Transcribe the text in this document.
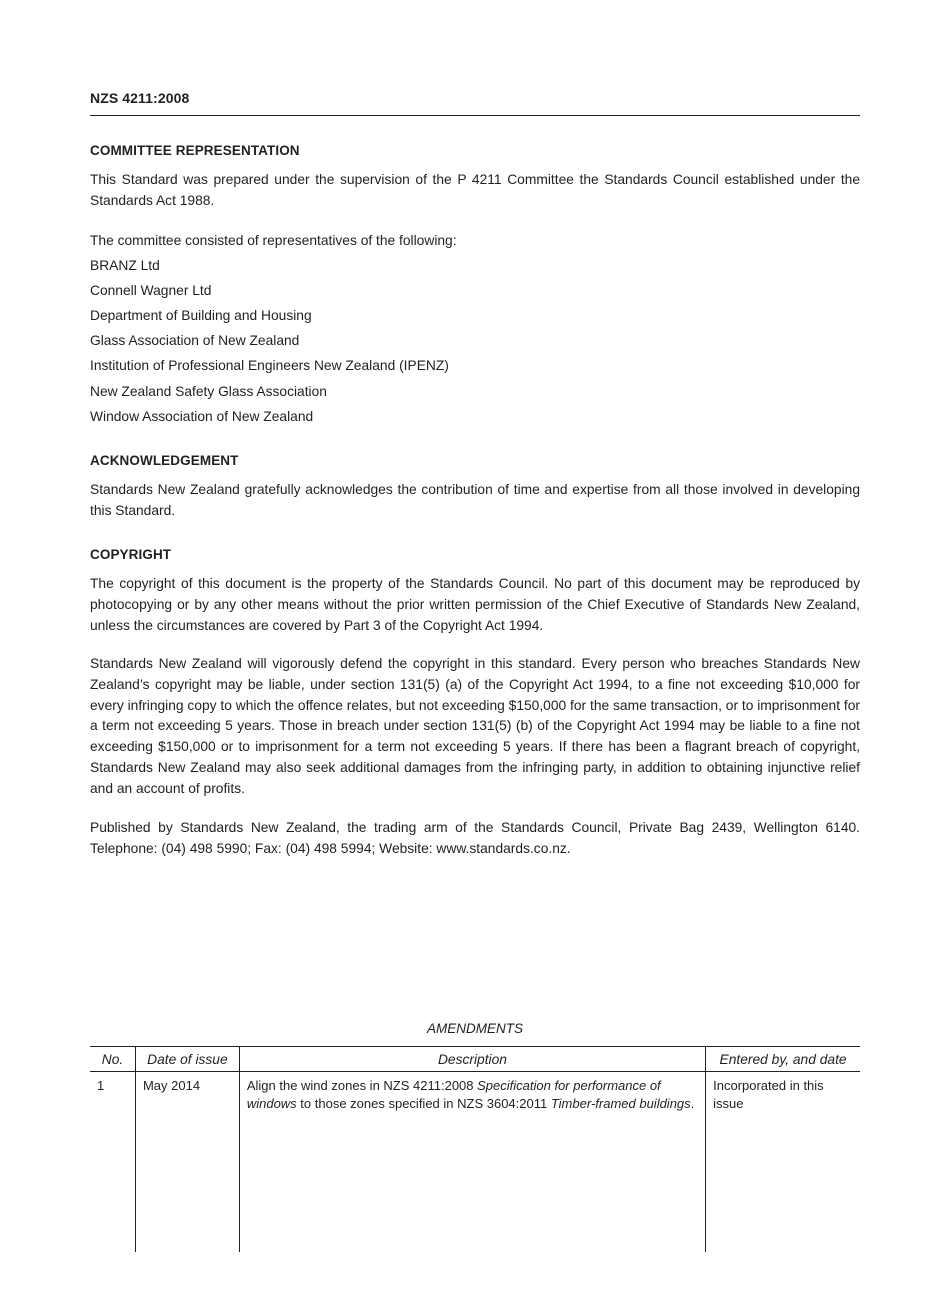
NZS 4211:2008
COMMITTEE REPRESENTATION
This Standard was prepared under the supervision of the P 4211 Committee the Standards Council established under the Standards Act 1988.
The committee consisted of representatives of the following:
BRANZ Ltd
Connell Wagner Ltd
Department of Building and Housing
Glass Association of New Zealand
Institution of Professional Engineers New Zealand (IPENZ)
New Zealand Safety Glass Association
Window Association of New Zealand
ACKNOWLEDGEMENT
Standards New Zealand gratefully acknowledges the contribution of time and expertise from all those involved in developing this Standard.
COPYRIGHT
The copyright of this document is the property of the Standards Council. No part of this document may be reproduced by photocopying or by any other means without the prior written permission of the Chief Executive of Standards New Zealand, unless the circumstances are covered by Part 3 of the Copyright Act 1994.
Standards New Zealand will vigorously defend the copyright in this standard. Every person who breaches Standards New Zealand’s copyright may be liable, under section 131(5) (a) of the Copyright Act 1994, to a fine not exceeding $10,000 for every infringing copy to which the offence relates, but not exceeding $150,000 for the same transaction, or to imprisonment for a term not exceeding 5 years. Those in breach under section 131(5) (b) of the Copyright Act 1994 may be liable to a fine not exceeding $150,000 or to imprisonment for a term not exceeding 5 years. If there has been a flagrant breach of copyright, Standards New Zealand may also seek additional damages from the infringing party, in addition to obtaining injunctive relief and an account of profits.
Published by Standards New Zealand, the trading arm of the Standards Council, Private Bag 2439, Wellington 6140. Telephone: (04) 498 5990; Fax: (04) 498 5994; Website: www.standards.co.nz.
AMENDMENTS
No.	Date of issue	Description	Entered by, and date
1	May 2014	Align the wind zones in NZS 4211:2008 Specification for performance of windows to those zones specified in NZS 3604:2011 Timber-framed buildings.	Incorporated in this issue
